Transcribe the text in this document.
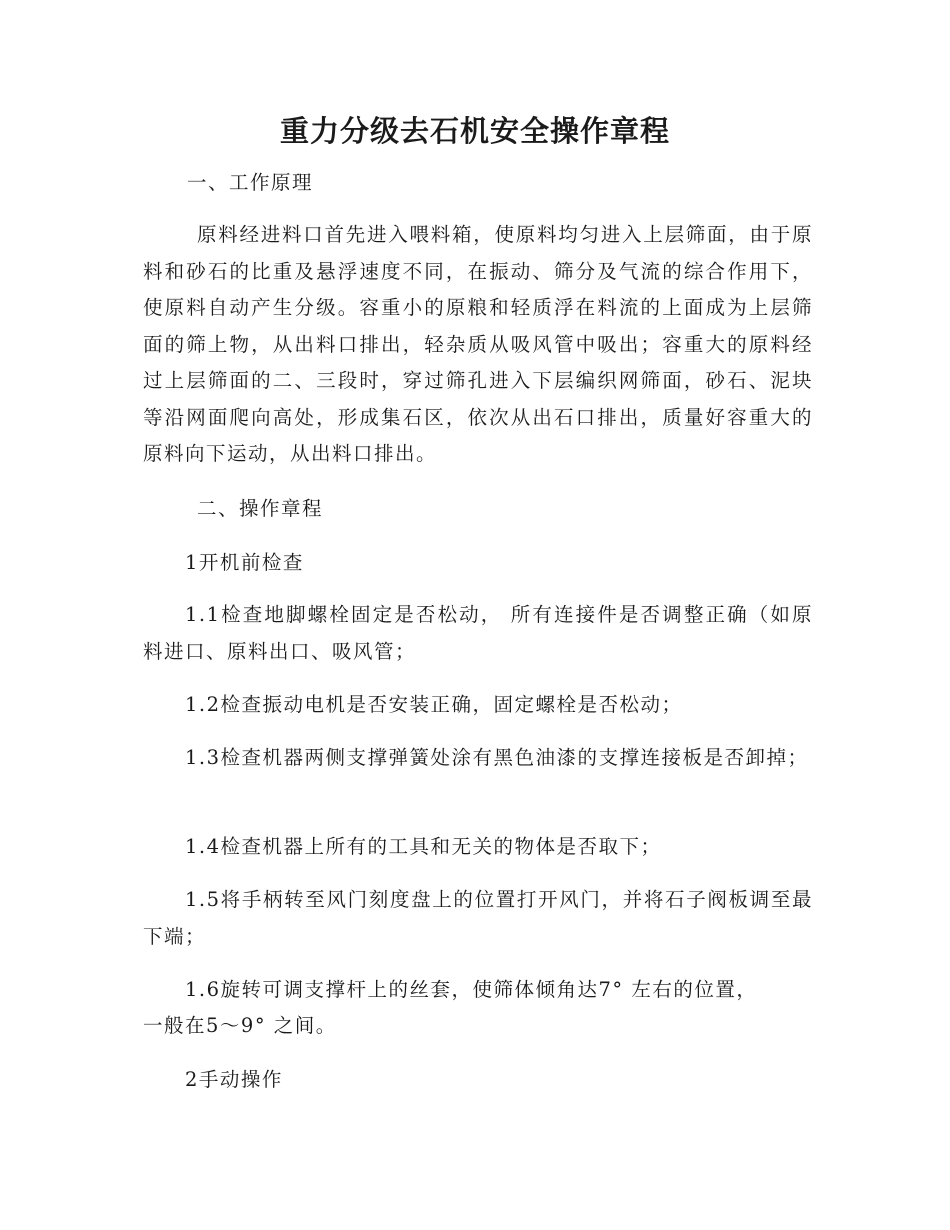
重力分级去石机安全操作章程

一、工作原理

原料经进料口首先进入喂料箱，使原料均匀进入上层筛面，由于原料和砂石的比重及悬浮速度不同，在振动、筛分及气流的综合作用下，使原料自动产生分级。容重小的原粮和轻质浮在料流的上面成为上层筛面的筛上物，从出料口排出，轻杂质从吸风管中吸出；容重大的原料经过上层筛面的二、三段时，穿过筛孔进入下层编织网筛面，砂石、泥块等沿网面爬向高处，形成集石区，依次从出石口排出，质量好容重大的原料向下运动，从出料口排出。

二、操作章程

1开机前检查

1.1检查地脚螺栓固定是否松动， 所有连接件是否调整正确（如原料进口、原料出口、吸风管；

1.2检查振动电机是否安装正确，固定螺栓是否松动；

1.3检查机器两侧支撑弹簧处涂有黑色油漆的支撑连接板是否卸掉；

1.4检查机器上所有的工具和无关的物体是否取下；

1.5将手柄转至风门刻度盘上的位置打开风门，并将石子阀板调至最下端；

1.6旋转可调支撑杆上的丝套，使筛体倾角达7° 左右的位置，

一般在5～9° 之间。

2手动操作
